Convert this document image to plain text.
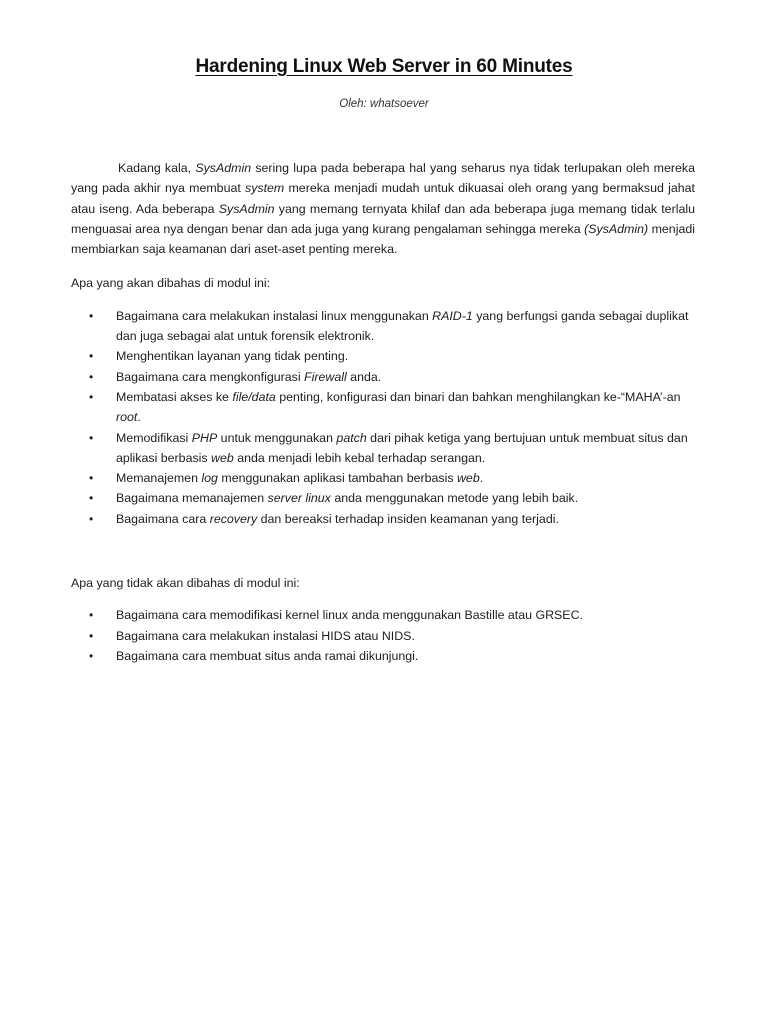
Hardening Linux Web Server in 60 Minutes
Oleh: whatsoever

Kadang kala, SysAdmin sering lupa pada beberapa hal yang seharus nya tidak terlupakan oleh mereka yang pada akhir nya membuat system mereka menjadi mudah untuk dikuasai oleh orang yang bermaksud jahat atau iseng. Ada beberapa SysAdmin yang memang ternyata khilaf dan ada beberapa juga memang tidak terlalu menguasai area nya dengan benar dan ada juga yang kurang pengalaman sehingga mereka (SysAdmin) menjadi membiarkan saja keamanan dari aset-aset penting mereka.

Apa yang akan dibahas di modul ini:

• Bagaimana cara melakukan instalasi linux menggunakan RAID-1 yang berfungsi ganda sebagai duplikat dan juga sebagai alat untuk forensik elektronik.
• Menghentikan layanan yang tidak penting.
• Bagaimana cara mengkonfigurasi Firewall anda.
• Membatasi akses ke file/data penting, konfigurasi dan binari dan bahkan menghilangkan ke-“MAHA’-an root.
• Memodifikasi PHP untuk menggunakan patch dari pihak ketiga yang bertujuan untuk membuat situs dan aplikasi berbasis web anda menjadi lebih kebal terhadap serangan.
• Memanajemen log menggunakan aplikasi tambahan berbasis web.
• Bagaimana memanajemen server linux anda menggunakan metode yang lebih baik.
• Bagaimana cara recovery dan bereaksi terhadap insiden keamanan yang terjadi.

Apa yang tidak akan dibahas di modul ini:

• Bagaimana cara memodifikasi kernel linux anda menggunakan Bastille atau GRSEC.
• Bagaimana cara melakukan instalasi HIDS atau NIDS.
• Bagaimana cara membuat situs anda ramai dikunjungi.
